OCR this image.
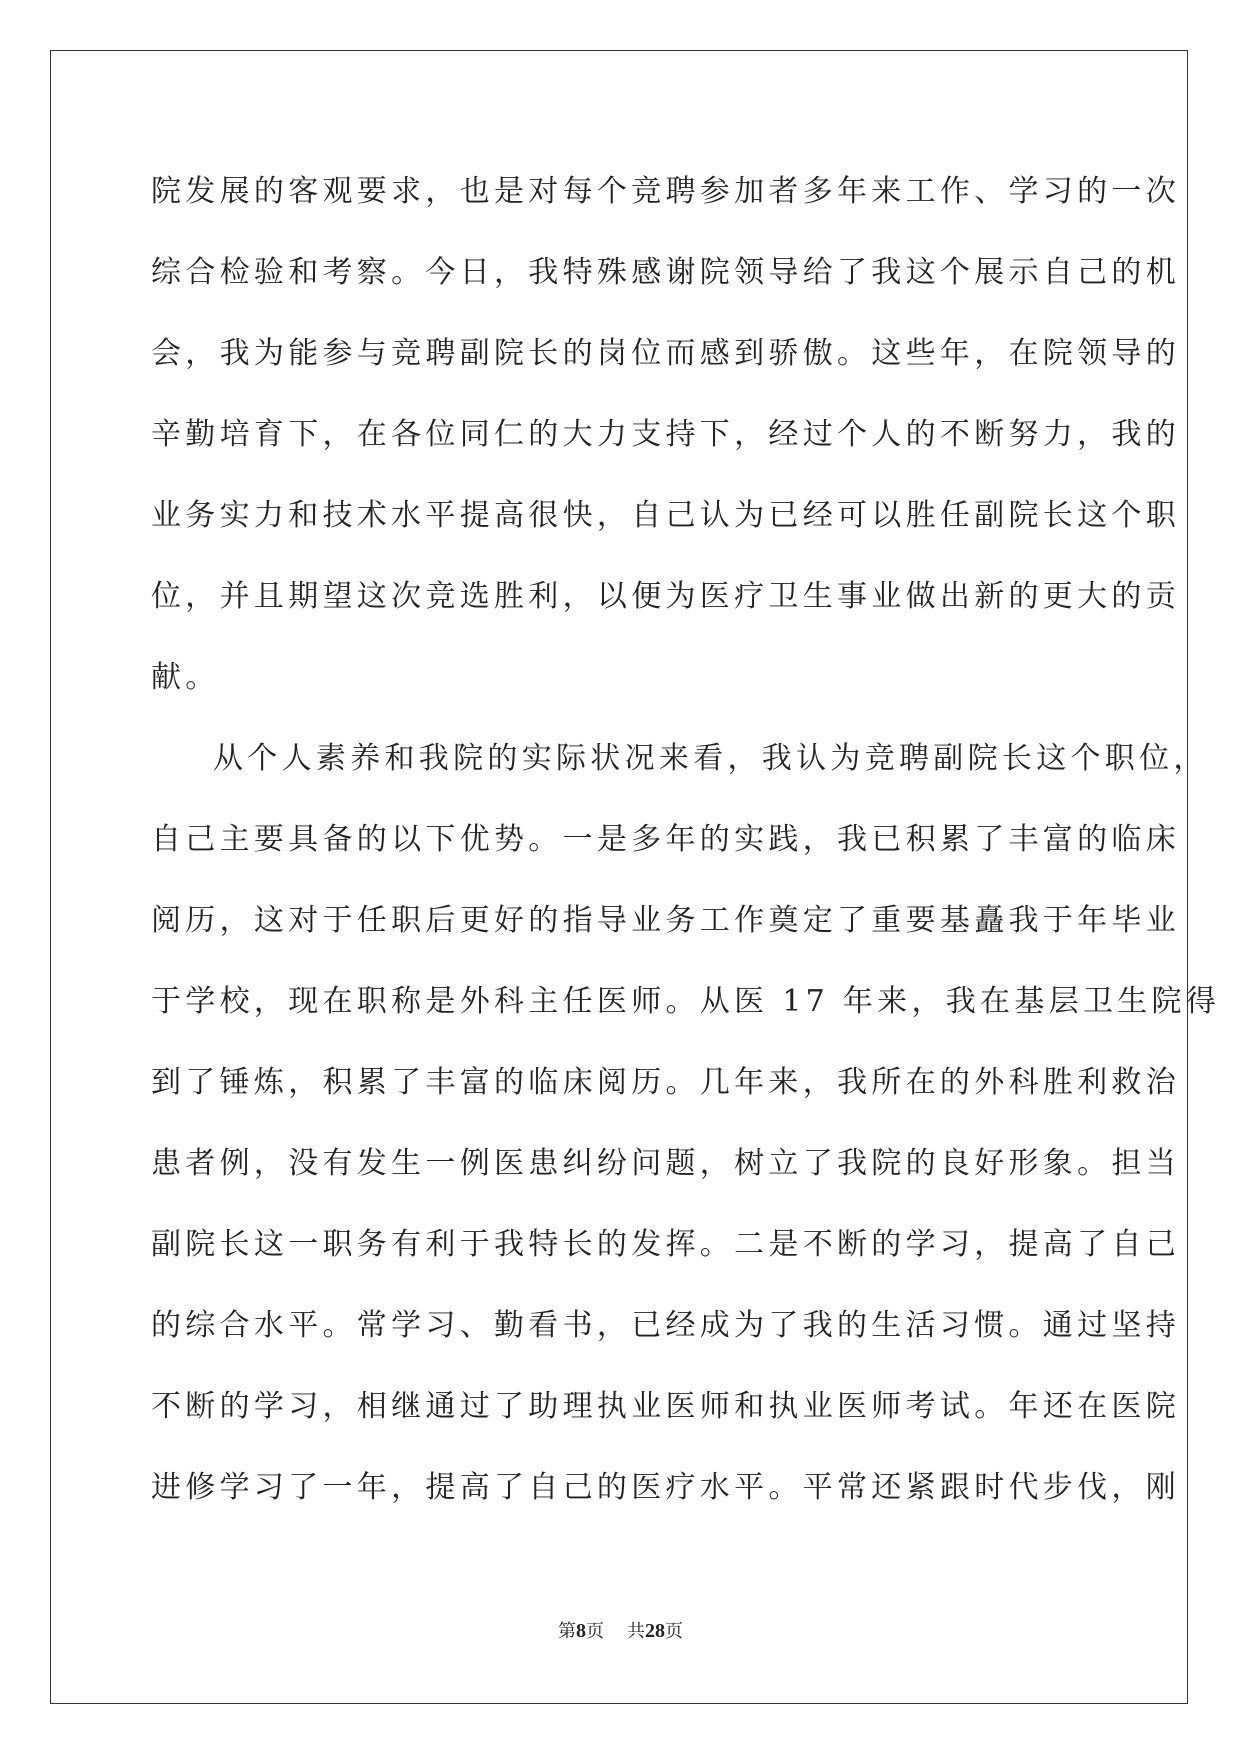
院发展的客观要求，也是对每个竞聘参加者多年来工作、学习的一次
综合检验和考察。今日，我特殊感谢院领导给了我这个展示自己的机
会，我为能参与竞聘副院长的岗位而感到骄傲。这些年，在院领导的
辛勤培育下，在各位同仁的大力支持下，经过个人的不断努力，我的
业务实力和技术水平提高很快，自己认为已经可以胜任副院长这个职
位，并且期望这次竞选胜利，以便为医疗卫生事业做出新的更大的贡
献。
从个人素养和我院的实际状况来看，我认为竞聘副院长这个职位，
自己主要具备的以下优势。一是多年的实践，我已积累了丰富的临床
阅历，这对于任职后更好的指导业务工作奠定了重要基矗我于年毕业
于学校，现在职称是外科主任医师。从医 17 年来，我在基层卫生院得
到了锤炼，积累了丰富的临床阅历。几年来，我所在的外科胜利救治
患者例，没有发生一例医患纠纷问题，树立了我院的良好形象。担当
副院长这一职务有利于我特长的发挥。二是不断的学习，提高了自己
的综合水平。常学习、勤看书，已经成为了我的生活习惯。通过坚持
不断的学习，相继通过了助理执业医师和执业医师考试。年还在医院
进修学习了一年，提高了自己的医疗水平。平常还紧跟时代步伐，刚
第8页 共28页
